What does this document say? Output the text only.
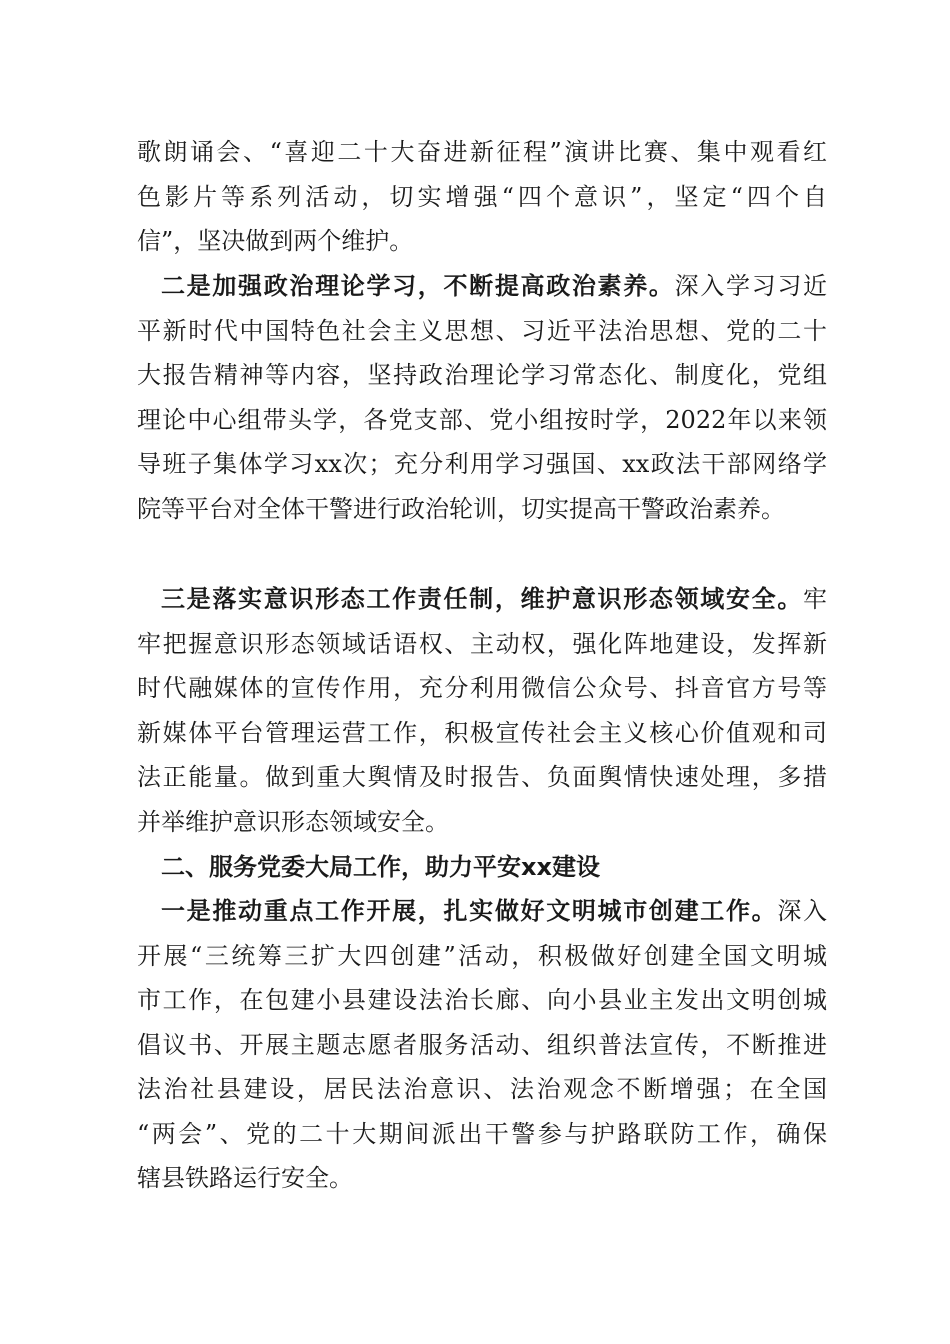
歌朗诵会、“喜迎二十大奋进新征程”演讲比赛、集中观看红
色影片等系列活动，切实增强“四个意识”，坚定“四个自
信”，坚决做到两个维护。
二是加强政治理论学习，不断提高政治素养。深入学习习近
平新时代中国特色社会主义思想、习近平法治思想、党的二十
大报告精神等内容，坚持政治理论学习常态化、制度化，党组
理论中心组带头学，各党支部、党小组按时学，2022年以来领
导班子集体学习xx次；充分利用学习强国、xx政法干部网络学
院等平台对全体干警进行政治轮训，切实提高干警政治素养。
三是落实意识形态工作责任制，维护意识形态领域安全。牢
牢把握意识形态领域话语权、主动权，强化阵地建设，发挥新
时代融媒体的宣传作用，充分利用微信公众号、抖音官方号等
新媒体平台管理运营工作，积极宣传社会主义核心价值观和司
法正能量。做到重大舆情及时报告、负面舆情快速处理，多措
并举维护意识形态领域安全。
二、服务党委大局工作，助力平安xx建设
一是推动重点工作开展，扎实做好文明城市创建工作。深入
开展“三统筹三扩大四创建”活动，积极做好创建全国文明城
市工作，在包建小县建设法治长廊、向小县业主发出文明创城
倡议书、开展主题志愿者服务活动、组织普法宣传，不断推进
法治社县建设，居民法治意识、法治观念不断增强；在全国
“两会”、党的二十大期间派出干警参与护路联防工作，确保
辖县铁路运行安全。
